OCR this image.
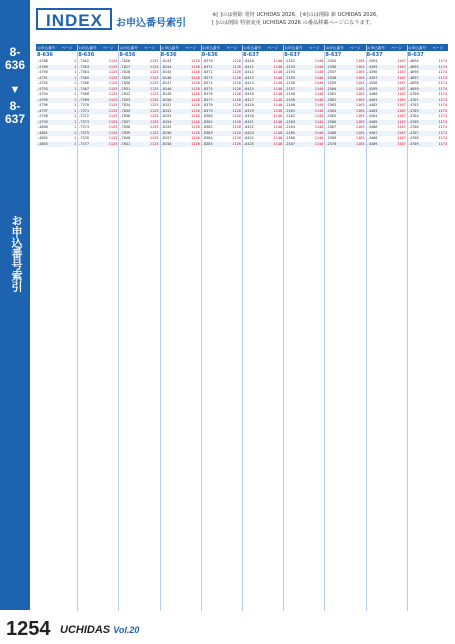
8-
636
▼
8- 637
お申込番号索引
INDEX お申込番号索引
※[ ]のは削除 電材 UCHIDAS 2026、[※]のは削除 新 UCHIDAS 2026。
[ ]のは削除 特別変更 UCHIDAS 2026 の番品移載ページになります。
お申込番号	ページ
8-636
-4788	1
-4789	1
-4790	1
-4791	1
-4792	1
-4793	1
-4794	1
-4795	1
-4796	1
-4797	1
-4798	1
-4799	1
-4800	1
-4801	1
-4802	1
-4803	1
お申込番号	ページ
8-636
-7362	1125
-7363	1125
-7364	1125
-7365	1125
-7366	1125
-7367	1125
-7368	1125
-7369	1125
-7370	1125
-7371	1125
-7372	1125
-7373	1125
-7374	1125
-7375	1125
-7376	1125
-7377	1125
お申込番号	ページ
8-636
-7826	1125
-7827	1125
-7828	1125
-7829	1125
-7830	1125
-7831	1125
-7832	1125
-7833	1125
-7834	1125
-7835	1125
-7836	1125
-7837	1125
-7838	1125
-7839	1125
-7840	1125
-7841	1125
お申込番号	ページ
8-636
-8143	1126
-8144	1126
-8145	1126
-8146	1126
-8147	1126
-8148	1126
-8149	1126
-8150	1126
-8151	1126
-8152	1126
-8153	1126
-8154	1126
-8155	1126
-8156	1126
-8157	1126
-8158	1126
お申込番号	ページ
8-636
-8370	1126
-8371	1126
-8372	1126
-8373	1126
-8374	1126
-8375	1126
-8376	1126
-8377	1126
-8378	1126
-8379	1126
-8380	1126
-8381	1126
-8382	1126
-8383	1126
-8384	1126
-8385	1126
お申込番号	ページ
8-637
-0410	1140
-0411	1140
-0412	1140
-0413	1140
-0414	1140
-0415	1140
-0416	1140
-0417	1140
-0418	1140
-0419	1140
-0420	1140
-0421	1140
-0422	1140
-0423	1140
-0424	1140
-0425	1140
お申込番号	ページ
8-637
-2152	1140
-2153	1140
-2154	1140
-2155	1140
-2156	1140
-2157	1140
-2158	1140
-2159	1140
-2160	1140
-2161	1140
-2162	1140
-2163	1140
-2164	1140
-2165	1140
-2166	1140
-2167	1140
お申込番号	ページ
8-637
-2555	1163
-2556	1163
-2557	1163
-2558	1163
-2559	1163
-2560	1163
-2561	1163
-2562	1163
-2563	1163
-2564	1163
-2565	1163
-2566	1163
-2567	1163
-2568	1163
-2569	1163
-2570	1163
お申込番号	ページ
8-637
-4394	1167
-4395	1167
-4396	1167
-4397	1167
-4398	1167
-4399	1167
-4400	1167
-4401	1167
-4402	1167
-4403	1167
-4404	1167
-4405	1167
-4406	1167
-4407	1167
-4408	1167
-4409	1167
お申込番号	ページ
8-637
-4694	1174
-4695	1174
-4696	1174
-4697	1174
-4698	1174
-4699	1174
-4700	1174
-4701	1174
-4702	1174
-4703	1174
-4704	1174
-4705	1174
-4706	1174
-4707	1174
-4708	1174
-4709	1174
1254 UCHIDAS Vol.20
